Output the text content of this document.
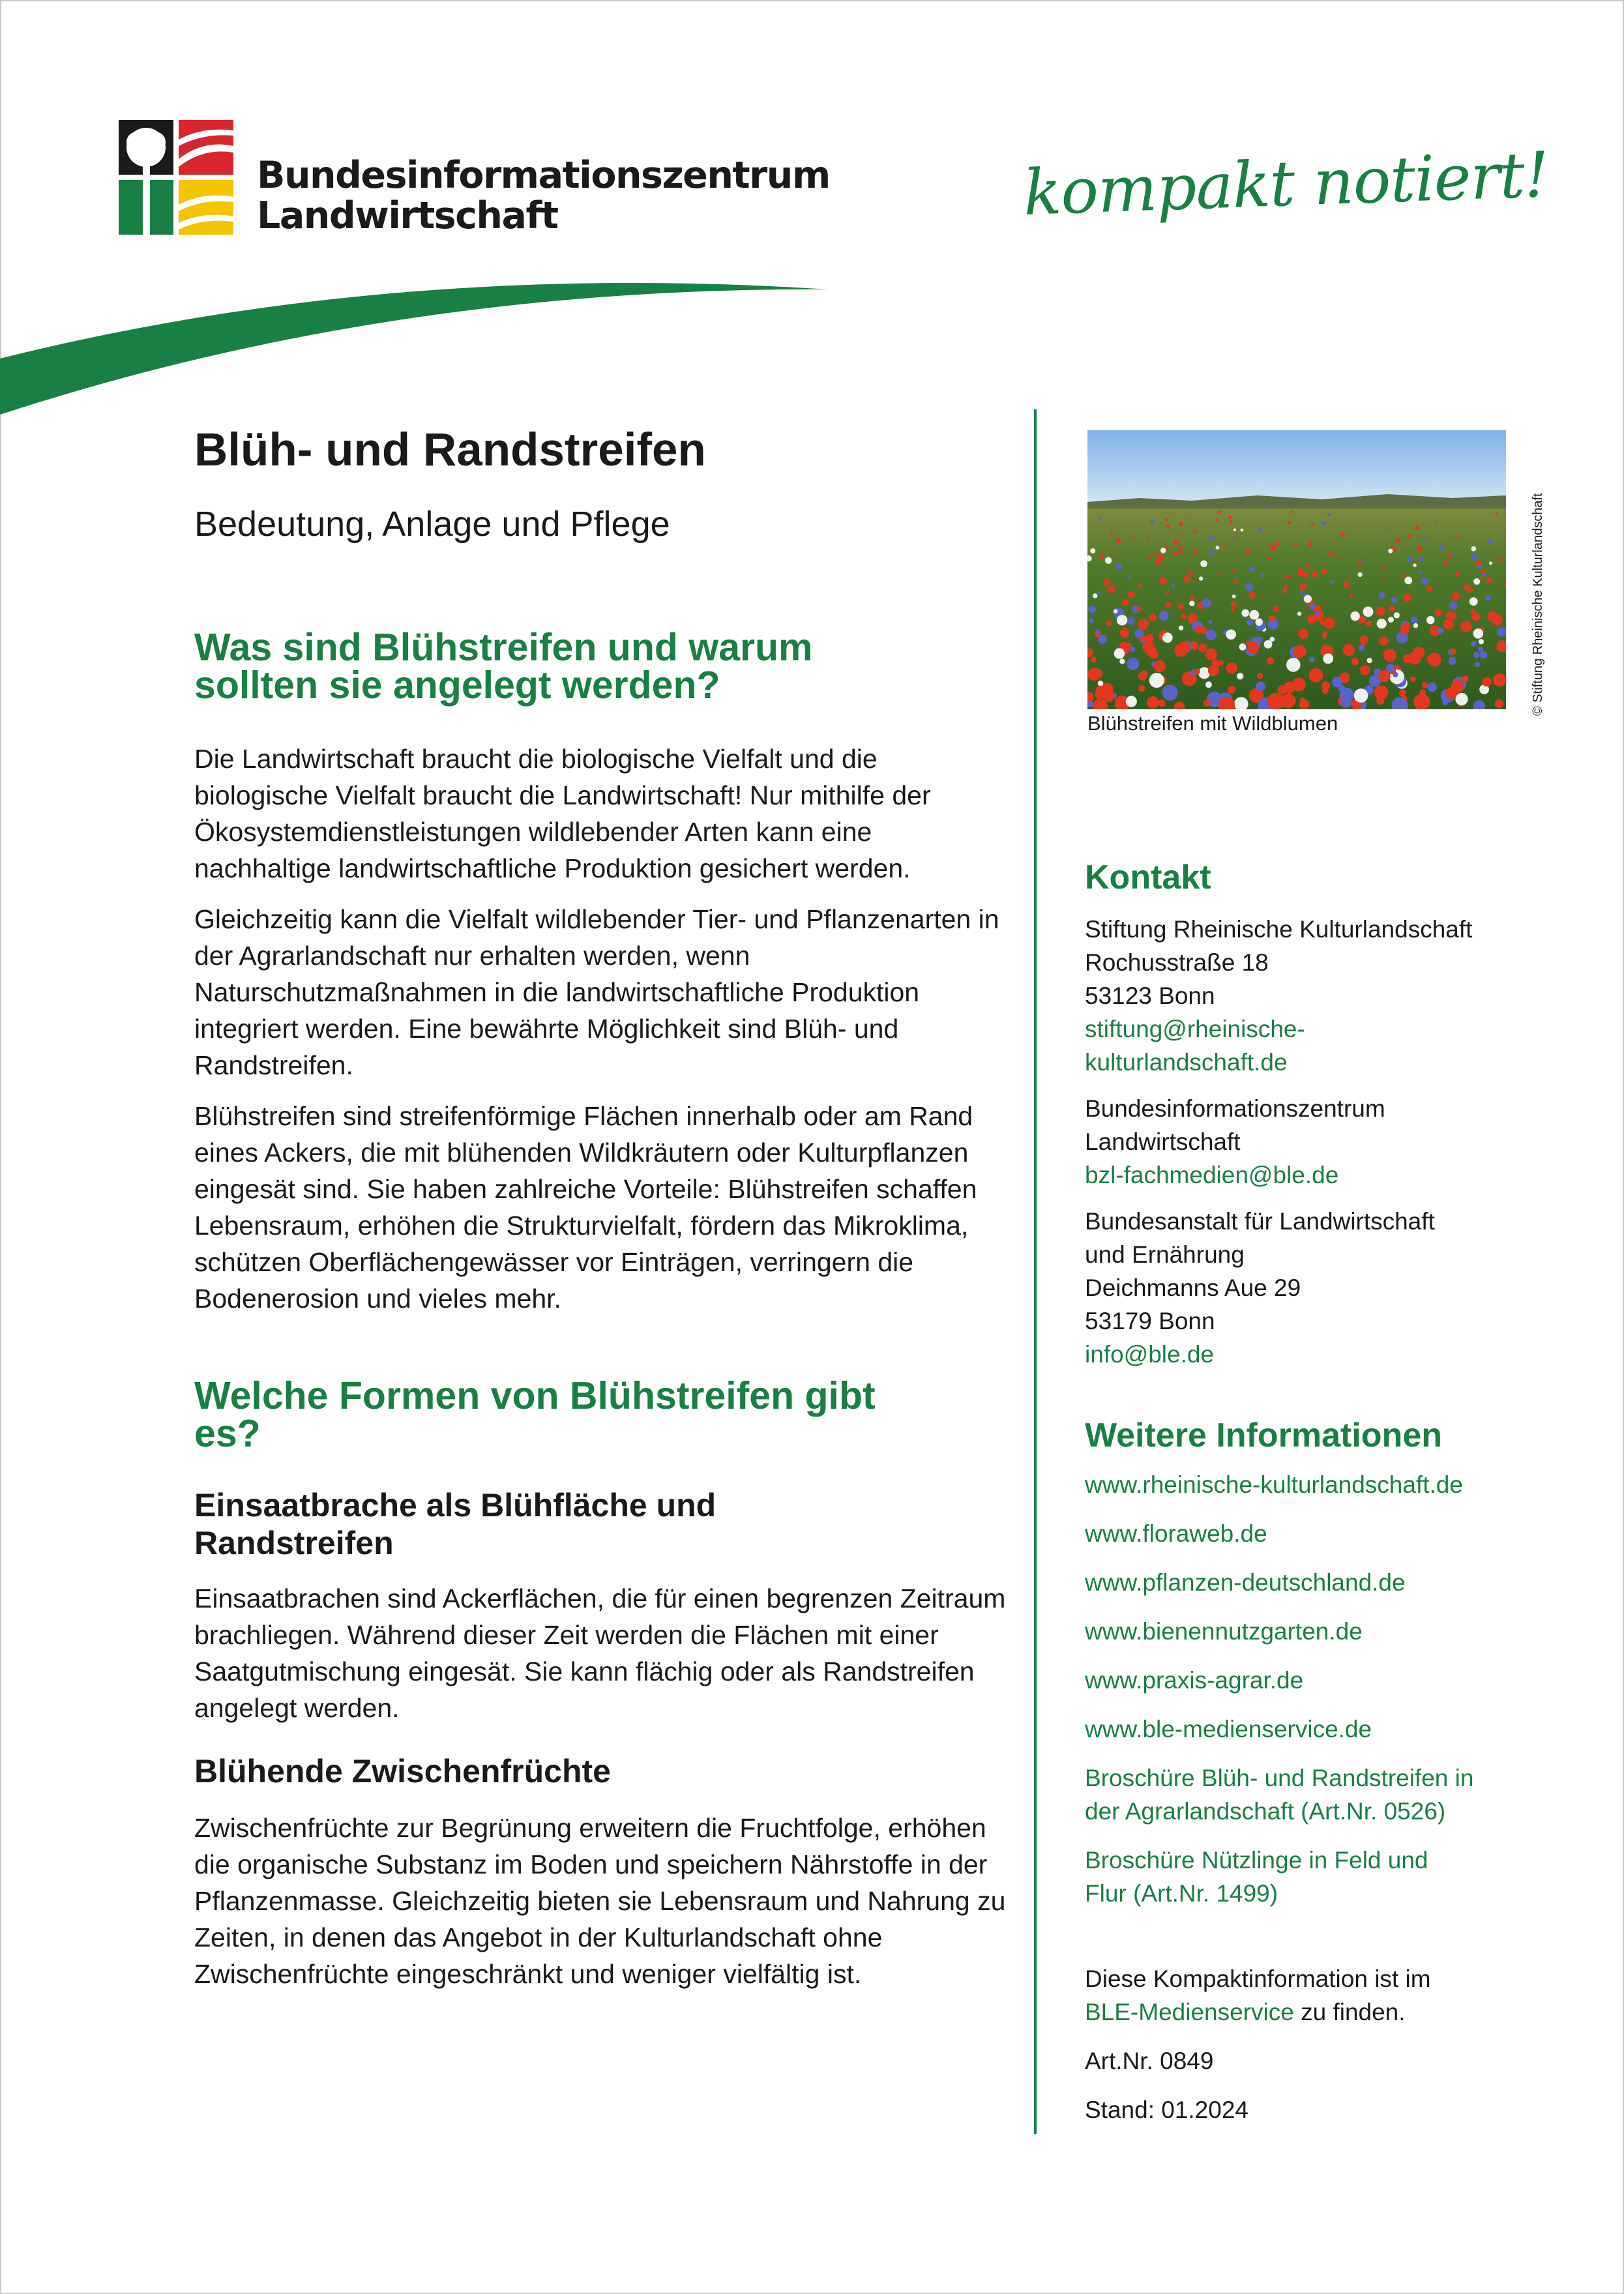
Bundesinformationszentrum
Landwirtschaft	kompakt notiert!
Blüh- und Randstreifen
Bedeutung, Anlage und Pflege
Was sind Blühstreifen und warum sollten sie angelegt werden?

Die Landwirtschaft braucht die biologische Vielfalt und die biologische Vielfalt braucht die Landwirtschaft! Nur mithilfe der Ökosystemdienstleistungen wildlebender Arten kann eine nachhaltige landwirtschaftliche Produktion gesichert werden.

Gleichzeitig kann die Vielfalt wildlebender Tier- und Pflanzenarten in der Agrarlandschaft nur erhalten werden, wenn Naturschutzmaßnahmen in die landwirtschaftliche Produktion integriert werden. Eine bewährte Möglichkeit sind Blüh- und Randstreifen.

Blühstreifen sind streifenförmige Flächen innerhalb oder am Rand eines Ackers, die mit blühenden Wildkräutern oder Kulturpflanzen eingesät sind. Sie haben zahlreiche Vorteile: Blühstreifen schaffen Lebensraum, erhöhen die Strukturvielfalt, fördern das Mikroklima, schützen Oberflächengewässer vor Einträgen, verringern die Bodenerosion und vieles mehr.

Welche Formen von Blühstreifen gibt es?
Einsaatbrache als Blühfläche und Randstreifen

Einsaatbrachen sind Ackerflächen, die für einen begrenzen Zeitraum brachliegen. Während dieser Zeit werden die Flächen mit einer Saatgutmischung eingesät. Sie kann flächig oder als Randstreifen angelegt werden.

Blühende Zwischenfrüchte

Zwischenfrüchte zur Begrünung erweitern die Fruchtfolge, erhöhen die organische Substanz im Boden und speichern Nährstoffe in der Pflanzenmasse. Gleichzeitig bieten sie Lebensraum und Nahrung zu Zeiten, in denen das Angebot in der Kulturlandschaft ohne Zwischenfrüchte eingeschränkt und weniger vielfältig ist.

Blühstreifen mit Wildblumen
© Stiftung Rheinische Kulturlandschaft
Kontakt

Stiftung Rheinische Kulturlandschaft

Rochusstraße 18

53123 Bonn

stiftung@rheinische-

kulturlandschaft.de

Bundesinformationszentrum

Landwirtschaft

bzl-fachmedien@ble.de

Bundesanstalt für Landwirtschaft

und Ernährung

Deichmanns Aue 29

53179 Bonn

info@ble.de

Weitere Informationen

www.rheinische-kulturlandschaft.de

www.floraweb.de

www.pflanzen-deutschland.de

www.bienennutzgarten.de

www.praxis-agrar.de

www.ble-medienservice.de

Broschüre Blüh- und Randstreifen in

der Agrarlandschaft (Art.Nr. 0526)

Broschüre Nützlinge in Feld und

Flur (Art.Nr. 1499)

Diese Kompaktinformation ist im

BLE-Medienservice zu finden.

Art.Nr. 0849

Stand: 01.2024
